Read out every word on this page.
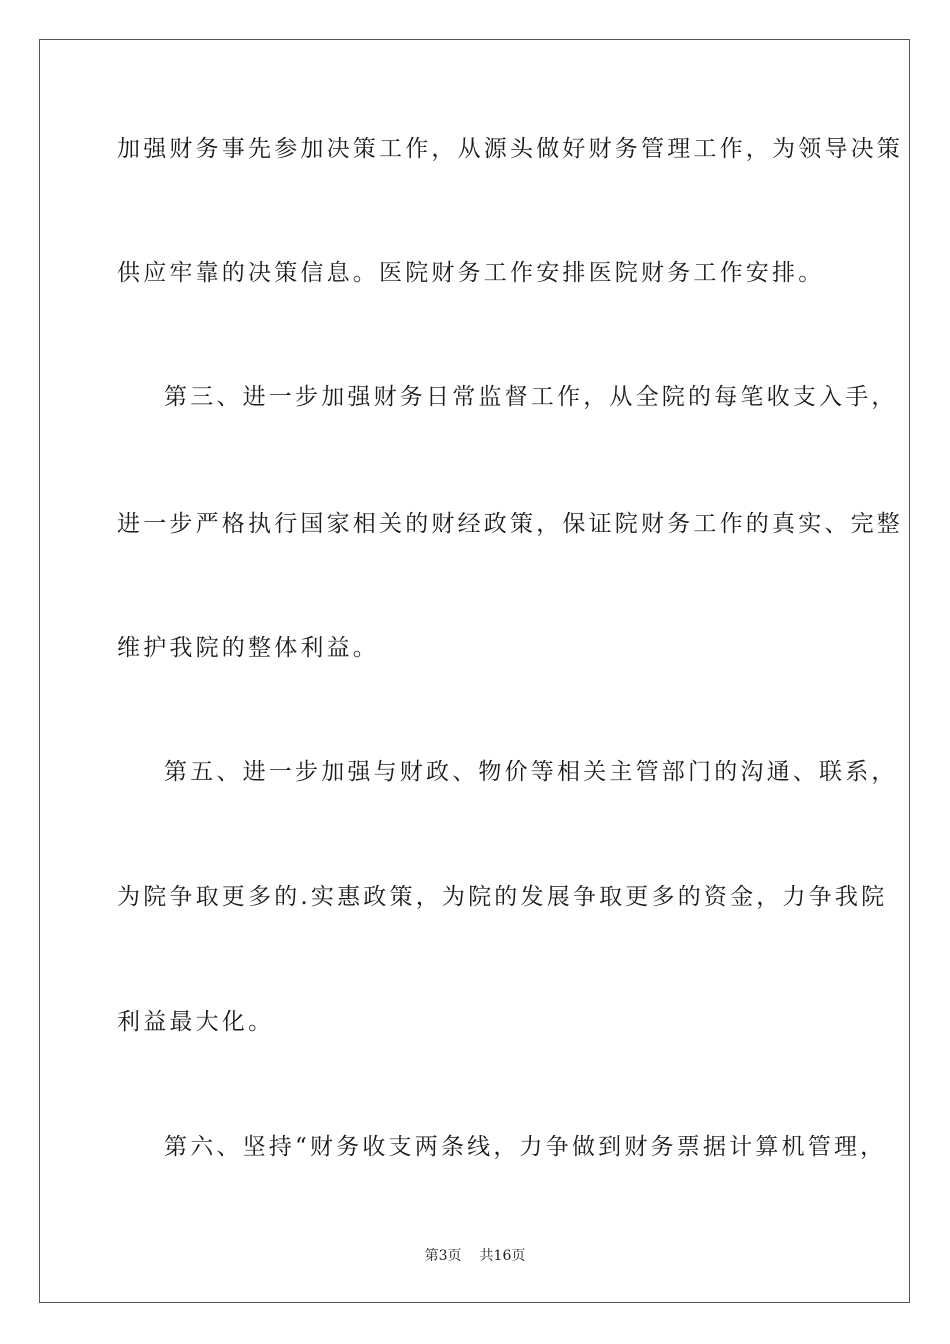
加强财务事先参加决策工作，从源头做好财务管理工作，为领导决策
供应牢靠的决策信息。医院财务工作安排医院财务工作安排。
第三、进一步加强财务日常监督工作，从全院的每笔收支入手，
进一步严格执行国家相关的财经政策，保证院财务工作的真实、完整
维护我院的整体利益。
第五、进一步加强与财政、物价等相关主管部门的沟通、联系，
为院争取更多的.实惠政策，为院的发展争取更多的资金，力争我院
利益最大化。
第六、坚持“财务收支两条线，力争做到财务票据计算机管理，
第3页 共16页
